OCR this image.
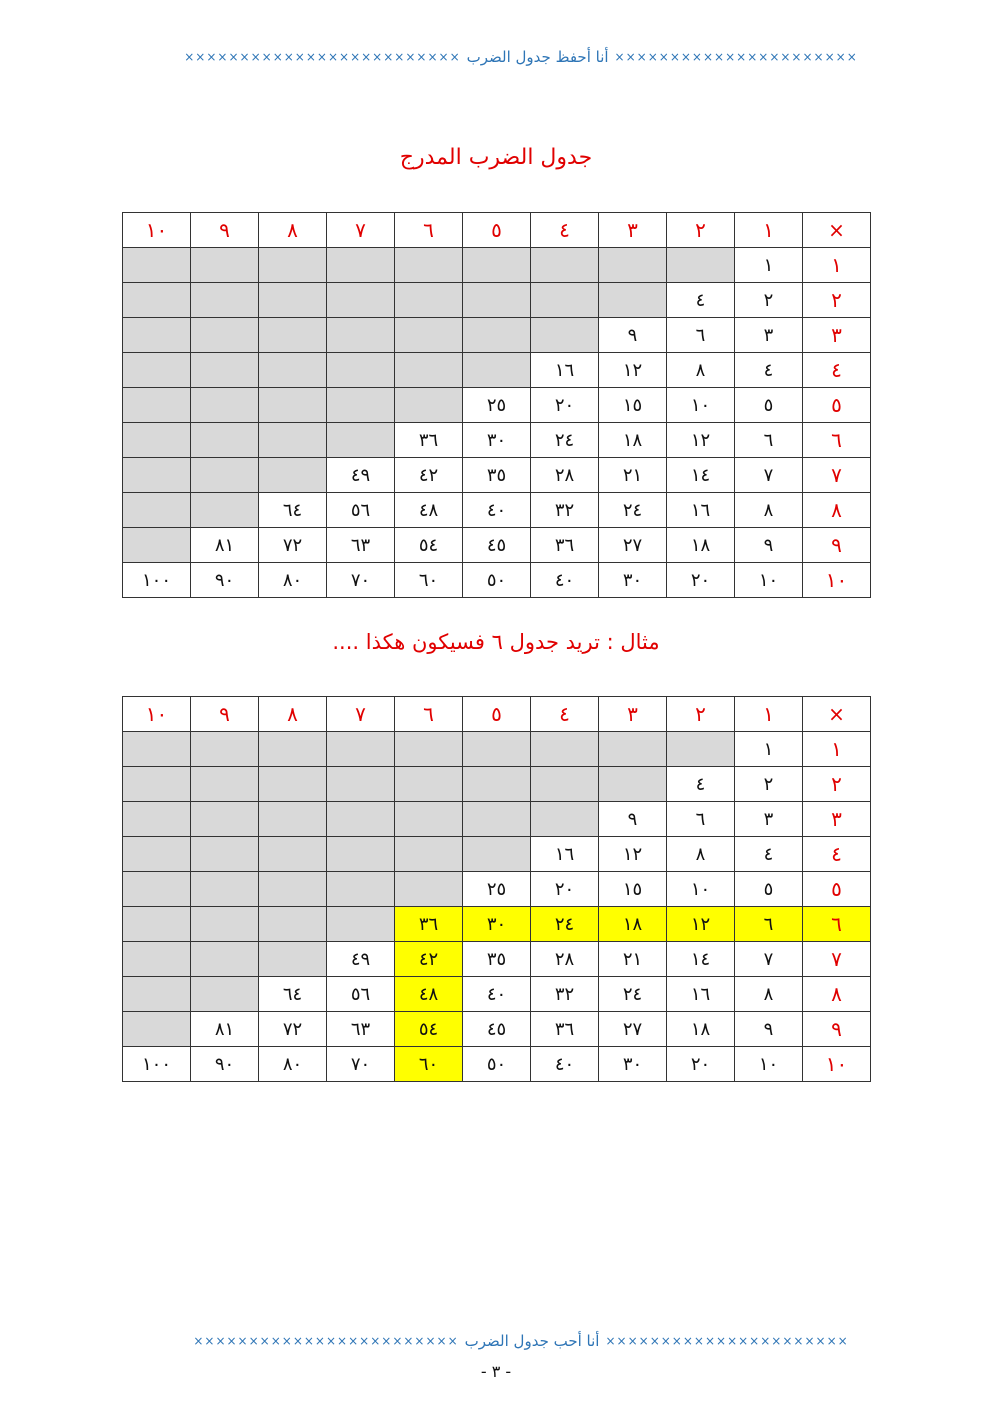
××××××××××××××××××××××××× أنا أحفظ جدول الضرب ××××××××××××××××××××××
جدول الضرب المدرج
×	١	٢	٣	٤	٥	٦	٧	٨	٩	١٠
١	١									
٢	٢	٤								
٣	٣	٦	٩							
٤	٤	٨	١٢	١٦						
٥	٥	١٠	١٥	٢٠	٢٥					
٦	٦	١٢	١٨	٢٤	٣٠	٣٦				
٧	٧	١٤	٢١	٢٨	٣٥	٤٢	٤٩			
٨	٨	١٦	٢٤	٣٢	٤٠	٤٨	٥٦	٦٤		
٩	٩	١٨	٢٧	٣٦	٤٥	٥٤	٦٣	٧٢	٨١	
١٠	١٠	٢٠	٣٠	٤٠	٥٠	٦٠	٧٠	٨٠	٩٠	١٠٠
مثال : تريد جدول ٦ فسيكون هكذا ....
×	١	٢	٣	٤	٥	٦	٧	٨	٩	١٠
١	١									
٢	٢	٤								
٣	٣	٦	٩							
٤	٤	٨	١٢	١٦						
٥	٥	١٠	١٥	٢٠	٢٥					
٦	٦	١٢	١٨	٢٤	٣٠	٣٦				
٧	٧	١٤	٢١	٢٨	٣٥	٤٢	٤٩			
٨	٨	١٦	٢٤	٣٢	٤٠	٤٨	٥٦	٦٤		
٩	٩	١٨	٢٧	٣٦	٤٥	٥٤	٦٣	٧٢	٨١	
١٠	١٠	٢٠	٣٠	٤٠	٥٠	٦٠	٧٠	٨٠	٩٠	١٠٠
×××××××××××××××××××××××× أنا أحب جدول الضرب ××××××××××××××××××××××
- ٣ -
